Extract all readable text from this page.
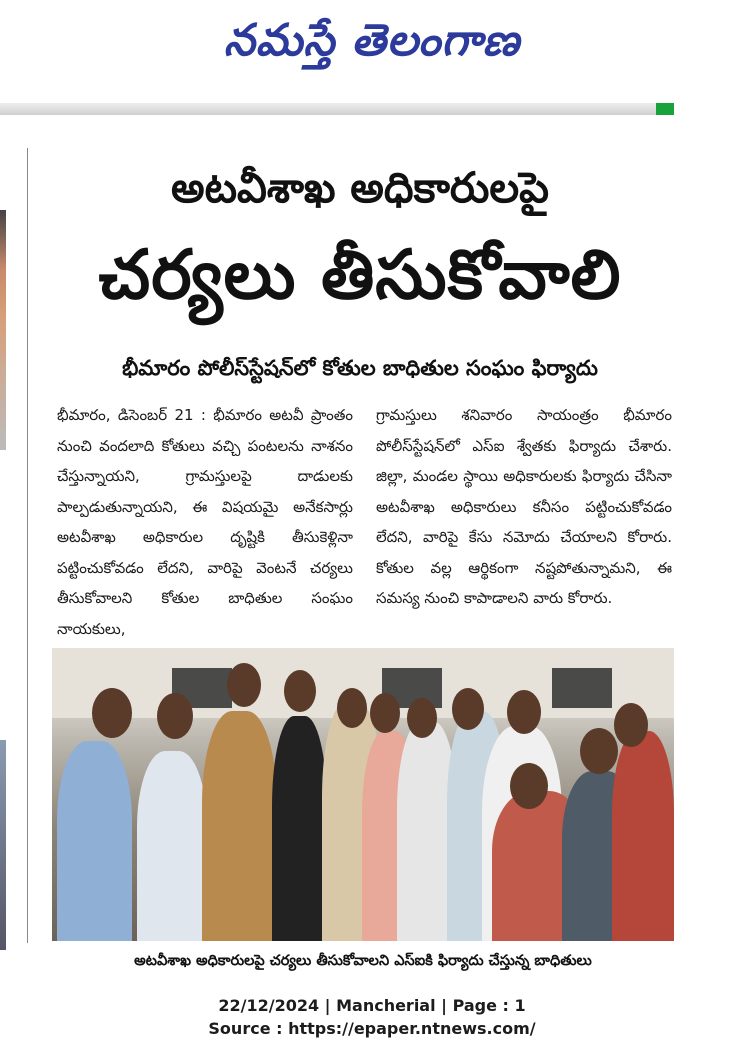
నమస్తే తెలంగాణ
అటవీశాఖ అధికారులపై
చర్యలు తీసుకోవాలి
భీమారం పోలీస్‌స్టేషన్‌లో కోతుల బాధితుల సంఘం ఫిర్యాదు
భీమారం, డిసెంబర్ 21 : భీమారం అటవీ ప్రాంతం నుంచి వందలాది కోతులు వచ్చి పంటలను నాశనం చేస్తున్నాయని, గ్రామస్తులపై దాడులకు పాల్పడుతున్నాయని, ఈ విషయమై అనేకసార్లు అటవీశాఖ అధికారుల దృష్టికి తీసుకెళ్లినా పట్టించుకోవడం లేదని, వారిపై వెంటనే చర్యలు తీసుకోవాలని కోతుల బాధితుల సంఘం నాయకులు,
గ్రామస్తులు శనివారం సాయంత్రం భీమారం పోలీస్‌స్టేషన్‌లో ఎస్ఐ శ్వేతకు ఫిర్యాదు చేశారు. జిల్లా, మండల స్థాయి అధికారులకు ఫిర్యాదు చేసినా అటవీశాఖ అధికారులు కనీసం పట్టించుకోవడం లేదని, వారిపై కేసు నమోదు చేయాలని కోరారు. కోతుల వల్ల ఆర్థికంగా నష్టపోతున్నామని, ఈ సమస్య నుంచి కాపాడాలని వారు కోరారు.
అటవీశాఖ అధికారులపై చర్యలు తీసుకోవాలని ఎస్ఐకి ఫిర్యాదు చేస్తున్న బాధితులు
22/12/2024 | Mancherial | Page : 1
Source : https://epaper.ntnews.com/
